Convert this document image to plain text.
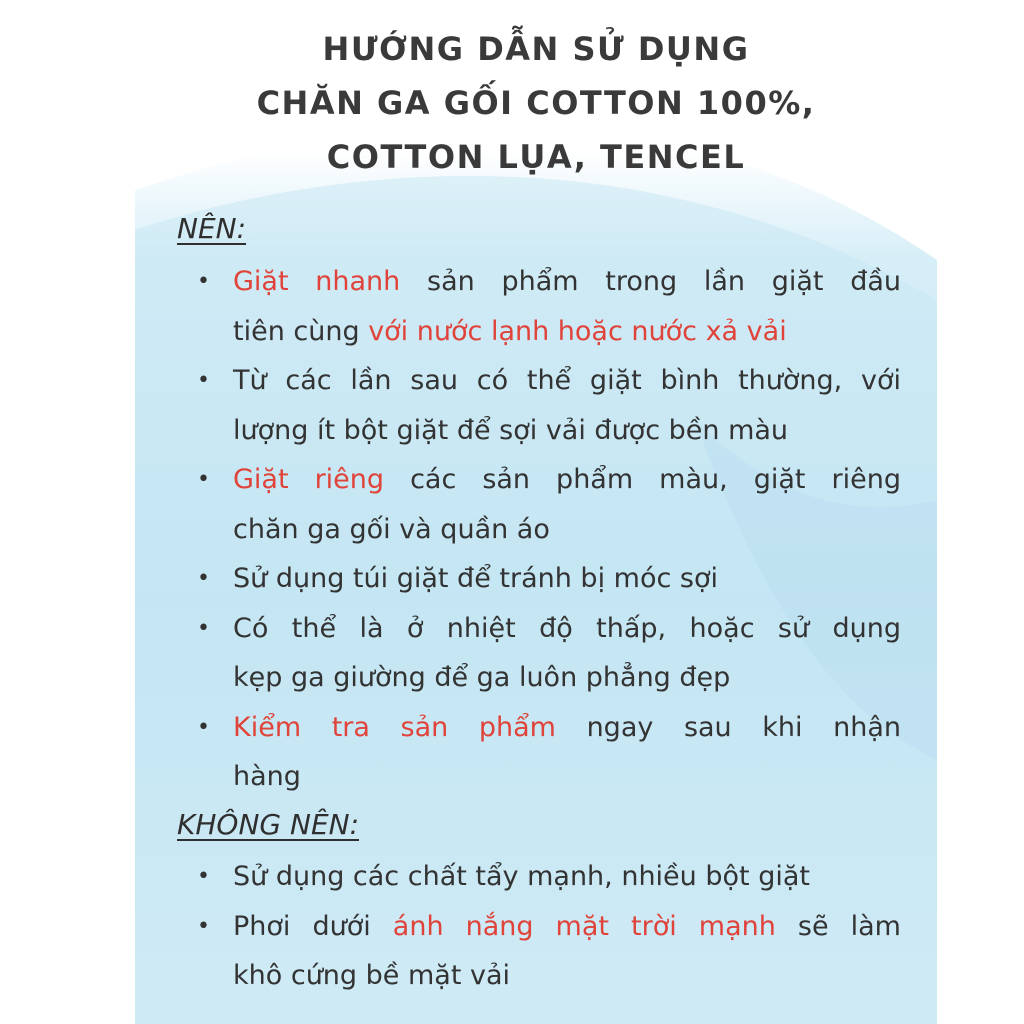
HƯỚNG DẪN SỬ DỤNG
CHĂN GA GỐI COTTON 100%,
COTTON LỤA, TENCEL
NÊN:
• Giặt nhanh sản phẩm trong lần giặt đầu
tiên cùng với nước lạnh hoặc nước xả vải
• Từ các lần sau có thể giặt bình thường, với
lượng ít bột giặt để sợi vải được bền màu
• Giặt riêng các sản phẩm màu, giặt riêng
chăn ga gối và quần áo
• Sử dụng túi giặt để tránh bị móc sợi
• Có thể là ở nhiệt độ thấp, hoặc sử dụng
kẹp ga giường để ga luôn phẳng đẹp
• Kiểm tra sản phẩm ngay sau khi nhận
hàng
KHÔNG NÊN:
• Sử dụng các chất tẩy mạnh, nhiều bột giặt
• Phơi dưới ánh nắng mặt trời mạnh sẽ làm
khô cứng bề mặt vải
